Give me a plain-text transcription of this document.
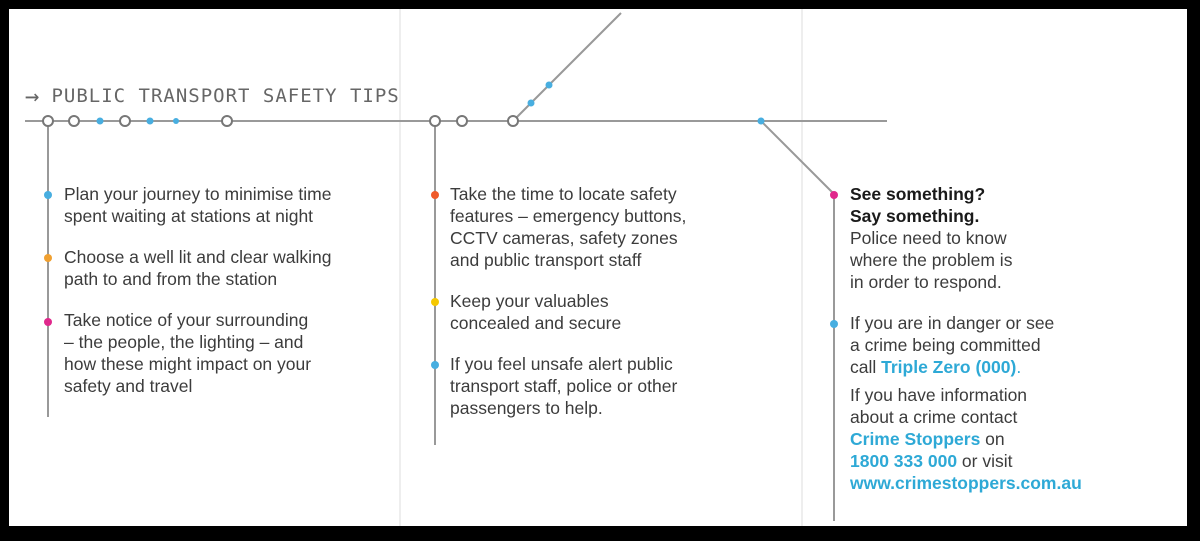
→ PUBLIC TRANSPORT SAFETY TIPS

Plan your journey to minimise time

spent waiting at stations at night

Choose a well lit and clear walking

path to and from the station

Take notice of your surrounding

– the people, the lighting – and

how these might impact on your

safety and travel

Take the time to locate safety

features – emergency buttons,

CCTV cameras, safety zones

and public transport staff

Keep your valuables

concealed and secure

If you feel unsafe alert public

transport staff, police or other

passengers to help.

See something?

Say something.

Police need to know

where the problem is

in order to respond.

If you are in danger or see

a crime being committed

call Triple Zero (000).

If you have information

about a crime contact

Crime Stoppers on

1800 333 000 or visit

www.crimestoppers.com.au
